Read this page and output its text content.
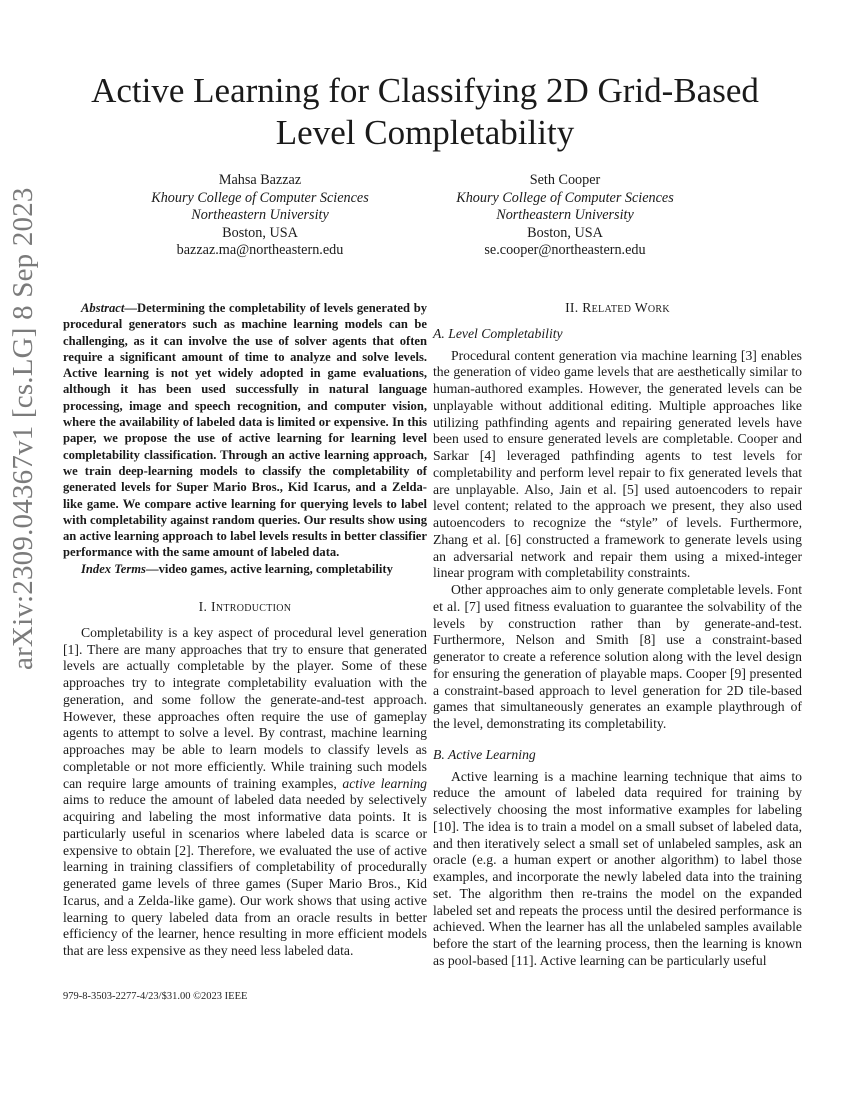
Active Learning for Classifying 2D Grid-Based
Level Completability
Mahsa Bazzaz
Khoury College of Computer Sciences
Northeastern University
Boston, USA
bazzaz.ma@northeastern.edu
Seth Cooper
Khoury College of Computer Sciences
Northeastern University
Boston, USA
se.cooper@northeastern.edu
arXiv:2309.04367v1 [cs.LG] 8 Sep 2023	Abstract—Determining the completability of levels generated by procedural generators such as machine learning models can be challenging, as it can involve the use of solver agents that often require a significant amount of time to analyze and solve levels. Active learning is not yet widely adopted in game evaluations, although it has been used successfully in natural language processing, image and speech recognition, and computer vision, where the availability of labeled data is limited or expensive. In this paper, we propose the use of active learning for learning level completability classification. Through an active learning approach, we train deep-learning models to classify the completability of generated levels for Super Mario Bros., Kid Icarus, and a Zelda-like game. We compare active learning for querying levels to label with completability against random queries. Our results show using an active learning approach to label levels results in better classifier performance with the same amount of labeled data.

Index Terms—video games, active learning, completability

I. Introduction

Completability is a key aspect of procedural level generation [1]. There are many approaches that try to ensure that generated levels are actually completable by the player. Some of these approaches try to integrate completability evaluation with the generation, and some follow the generate-and-test approach. However, these approaches often require the use of gameplay agents to attempt to solve a level. By contrast, machine learning approaches may be able to learn models to classify levels as completable or not more efficiently. While training such models can require large amounts of training examples, active learning aims to reduce the amount of labeled data needed by selectively acquiring and labeling the most informative data points. It is particularly useful in scenarios where labeled data is scarce or expensive to obtain [2]. Therefore, we evaluated the use of active learning in training classifiers of completability of procedurally generated game levels of three games (Super Mario Bros., Kid Icarus, and a Zelda-like game). Our work shows that using active learning to query labeled data from an oracle results in better efficiency of the learner, hence resulting in more efficient models that are less expensive as they need less labeled data.

II. Related Work
A. Level Completability

Procedural content generation via machine learning [3] enables the generation of video game levels that are aesthetically similar to human-authored examples. However, the generated levels can be unplayable without additional editing. Multiple approaches like utilizing pathfinding agents and repairing generated levels have been used to ensure generated levels are completable. Cooper and Sarkar [4] leveraged pathfinding agents to test levels for completability and perform level repair to fix generated levels that are unplayable. Also, Jain et al. [5] used autoencoders to repair level content; related to the approach we present, they also used autoencoders to recognize the “style” of levels. Furthermore, Zhang et al. [6] constructed a framework to generate levels using an adversarial network and repair them using a mixed-integer linear program with completability constraints.

Other approaches aim to only generate completable levels. Font et al. [7] used fitness evaluation to guarantee the solvability of the levels by construction rather than by generate-and-test. Furthermore, Nelson and Smith [8] use a constraint-based generator to create a reference solution along with the level design for ensuring the generation of playable maps. Cooper [9] presented a constraint-based approach to level generation for 2D tile-based games that simultaneously generates an example playthrough of the level, demonstrating its completability.

B. Active Learning

Active learning is a machine learning technique that aims to reduce the amount of labeled data required for training by selectively choosing the most informative examples for labeling [10]. The idea is to train a model on a small subset of labeled data, and then iteratively select a small set of unlabeled samples, ask an oracle (e.g. a human expert or another algorithm) to label those examples, and incorporate the newly labeled data into the training set. The algorithm then re-trains the model on the expanded labeled set and repeats the process until the desired performance is achieved. When the learner has all the unlabeled samples available before the start of the learning process, then the learning is known as pool-based [11]. Active learning can be particularly useful

979-8-3503-2277-4/23/$31.00 ©2023 IEEE
